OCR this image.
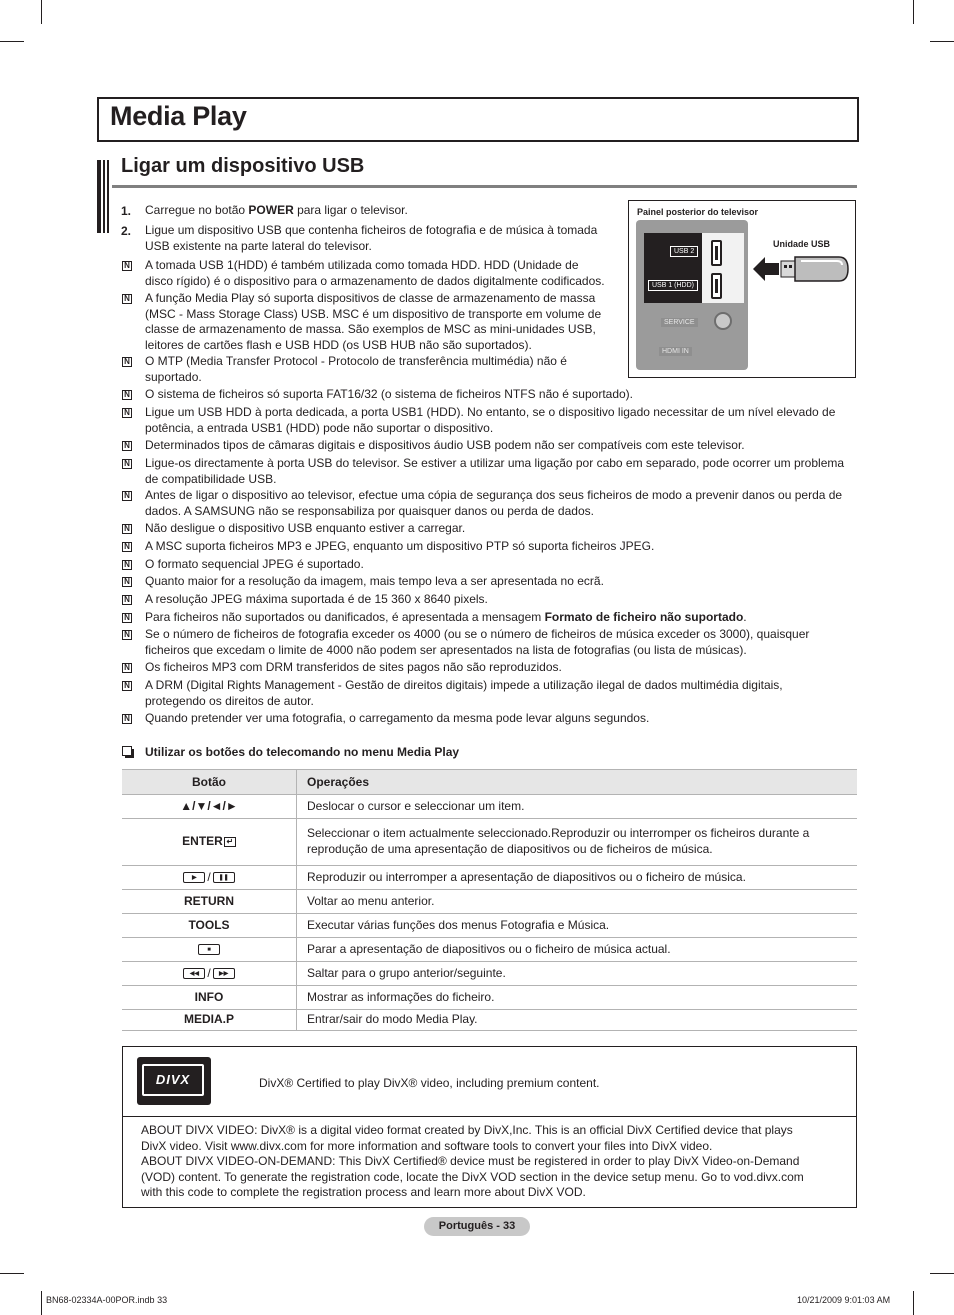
Media Play
Ligar um dispositivo USB
1. Carregue no botão POWER para ligar o televisor.
2. Ligue um dispositivo USB que contenha ficheiros de fotografia e de música à tomada
USB existente na parte lateral do televisor.
N A tomada USB 1(HDD) é também utilizada como tomada HDD. HDD (Unidade de
disco rígido) é o dispositivo para o armazenamento de dados digitalmente codificados.
N A função Media Play só suporta dispositivos de classe de armazenamento de massa
(MSC - Mass Storage Class) USB. MSC é um dispositivo de transporte em volume de
classe de armazenamento de massa. São exemplos de MSC as mini-unidades USB,
leitores de cartões flash e USB HDD (os USB HUB não são suportados).
N O MTP (Media Transfer Protocol - Protocolo de transferência multimédia) não é
suportado.
N O sistema de ficheiros só suporta FAT16/32 (o sistema de ficheiros NTFS não é suportado).
N Ligue um USB HDD à porta dedicada, a porta USB1 (HDD). No entanto, se o dispositivo ligado necessitar de um nível elevado de
potência, a entrada USB1 (HDD) pode não suportar o dispositivo.
N Determinados tipos de câmaras digitais e dispositivos áudio USB podem não ser compatíveis com este televisor.
N Ligue-os directamente à porta USB do televisor. Se estiver a utilizar uma ligação por cabo em separado, pode ocorrer um problema
de compatibilidade USB.
N Antes de ligar o dispositivo ao televisor, efectue uma cópia de segurança dos seus ficheiros de modo a prevenir danos ou perda de
dados. A SAMSUNG não se responsabiliza por quaisquer danos ou perda de dados.
N Não desligue o dispositivo USB enquanto estiver a carregar.
N A MSC suporta ficheiros MP3 e JPEG, enquanto um dispositivo PTP só suporta ficheiros JPEG.
N O formato sequencial JPEG é suportado.
N Quanto maior for a resolução da imagem, mais tempo leva a ser apresentada no ecrã.
N A resolução JPEG máxima suportada é de 15 360 x 8640 pixels.
N Para ficheiros não suportados ou danificados, é apresentada a mensagem Formato de ficheiro não suportado.
N Se o número de ficheiros de fotografia exceder os 4000 (ou se o número de ficheiros de música exceder os 3000), quaisquer
ficheiros que excedam o limite de 4000 não podem ser apresentados na lista de fotografias (ou lista de músicas).
N Os ficheiros MP3 com DRM transferidos de sites pagos não são reproduzidos.
N A DRM (Digital Rights Management - Gestão de direitos digitais) impede a utilização ilegal de dados multimédia digitais,
protegendo os direitos de autor.
N Quando pretender ver uma fotografia, o carregamento da mesma pode levar alguns segundos.
Painel posterior do televisor
USB 2
USB 1 (HDD)
SERVICE
HDMI IN
Unidade USB
Utilizar os botões do telecomando no menu Media Play
Botão	Operações
▲/▼/◄/►	Deslocar o cursor e seleccionar um item.
ENTER ↵	Seleccionar o item actualmente seleccionado.Reproduzir ou interromper os ficheiros durante a
reprodução de uma apresentação de diapositivos ou de ficheiros de música.
▶ / ❚❚	Reproduzir ou interromper a apresentação de diapositivos ou o ficheiro de música.
RETURN	Voltar ao menu anterior.
TOOLS	Executar várias funções dos menus Fotografia e Música.
■	Parar a apresentação de diapositivos ou o ficheiro de música actual.
◀◀ / ▶▶	Saltar para o grupo anterior/seguinte.
INFO	Mostrar as informações do ficheiro.
MEDIA.P	Entrar/sair do modo Media Play.
DIVX	DivX® Certified to play DivX® video, including premium content.
ABOUT DIVX VIDEO: DivX® is a digital video format created by DivX,Inc. This is an official DivX Certified device that plays
DivX video. Visit www.divx.com for more information and software tools to convert your files into DivX video.
ABOUT DIVX VIDEO-ON-DEMAND: This DivX Certified® device must be registered in order to play DivX Video-on-Demand
(VOD) content. To generate the registration code, locate the DivX VOD section in the device setup menu. Go to vod.divx.com
with this code to complete the registration process and learn more about DivX VOD.
Português - 33
BN68-02334A-00POR.indb 33	10/21/2009 9:01:03 AM
